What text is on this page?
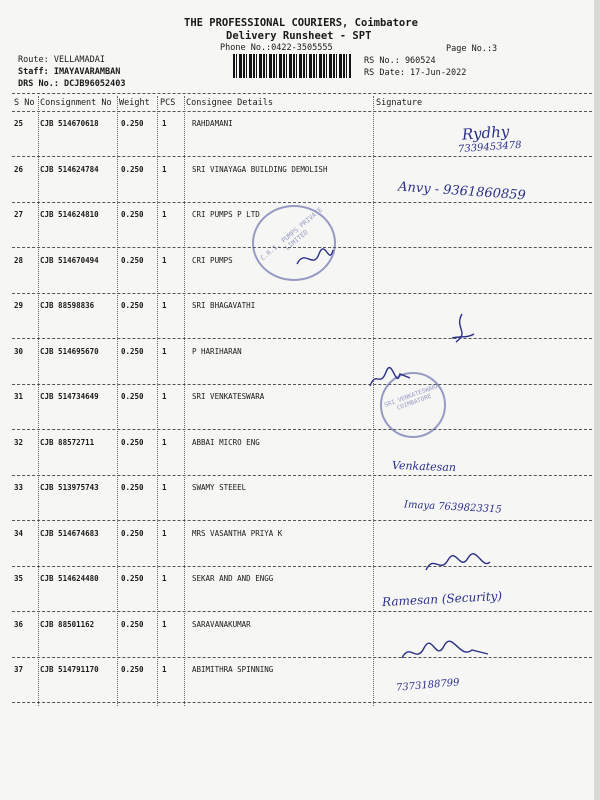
THE PROFESSIONAL COURIERS, Coimbatore
Delivery Runsheet - SPT
Phone No.:0422-3505555	Page No.:3
Route: VELLAMADAI
Staff: IMAYAVARAMBAN
DRS No.: DCJB96052403
RS No.: 960524
RS Date: 17-Jun-2022
S No Consignment No Weight PCS Consignee Details	Signature
25 CJB 514670618	0.250 1	RAHDAMANI
26 CJB 514624784	0.250 1	SRI VINAYAGA BUILDING DEMOLISH
27 CJB 514624810	0.250 1	CRI PUMPS P LTD
28 CJB 514670494	0.250 1	CRI PUMPS
29 CJB 88598836	0.250 1	SRI BHAGAVATHI
30 CJB 514695670	0.250 1	P HARIHARAN
31 CJB 514734649	0.250 1	SRI VENKATESWARA
32 CJB 88572711	0.250 1	ABBAI MICRO ENG
33 CJB 513975743	0.250 1	SWAMY STEEEL
34 CJB 514674683	0.250 1	MRS VASANTHA PRIYA K
35 CJB 514624480	0.250 1	SEKAR AND AND ENGG
36 CJB 88501162	0.250 1	SARAVANAKUMAR
37 CJB 514791170	0.250 1	ABIMITHRA SPINNING
C.R.I. PUMPS PRIVATE LIMITED
SRI VENKATESWARA COIMBATORE
Rydhy
7339453478
Anvy - 9361860859
Venkatesan
Imaya 7639823315
Ramesan (Security)
7373188799
